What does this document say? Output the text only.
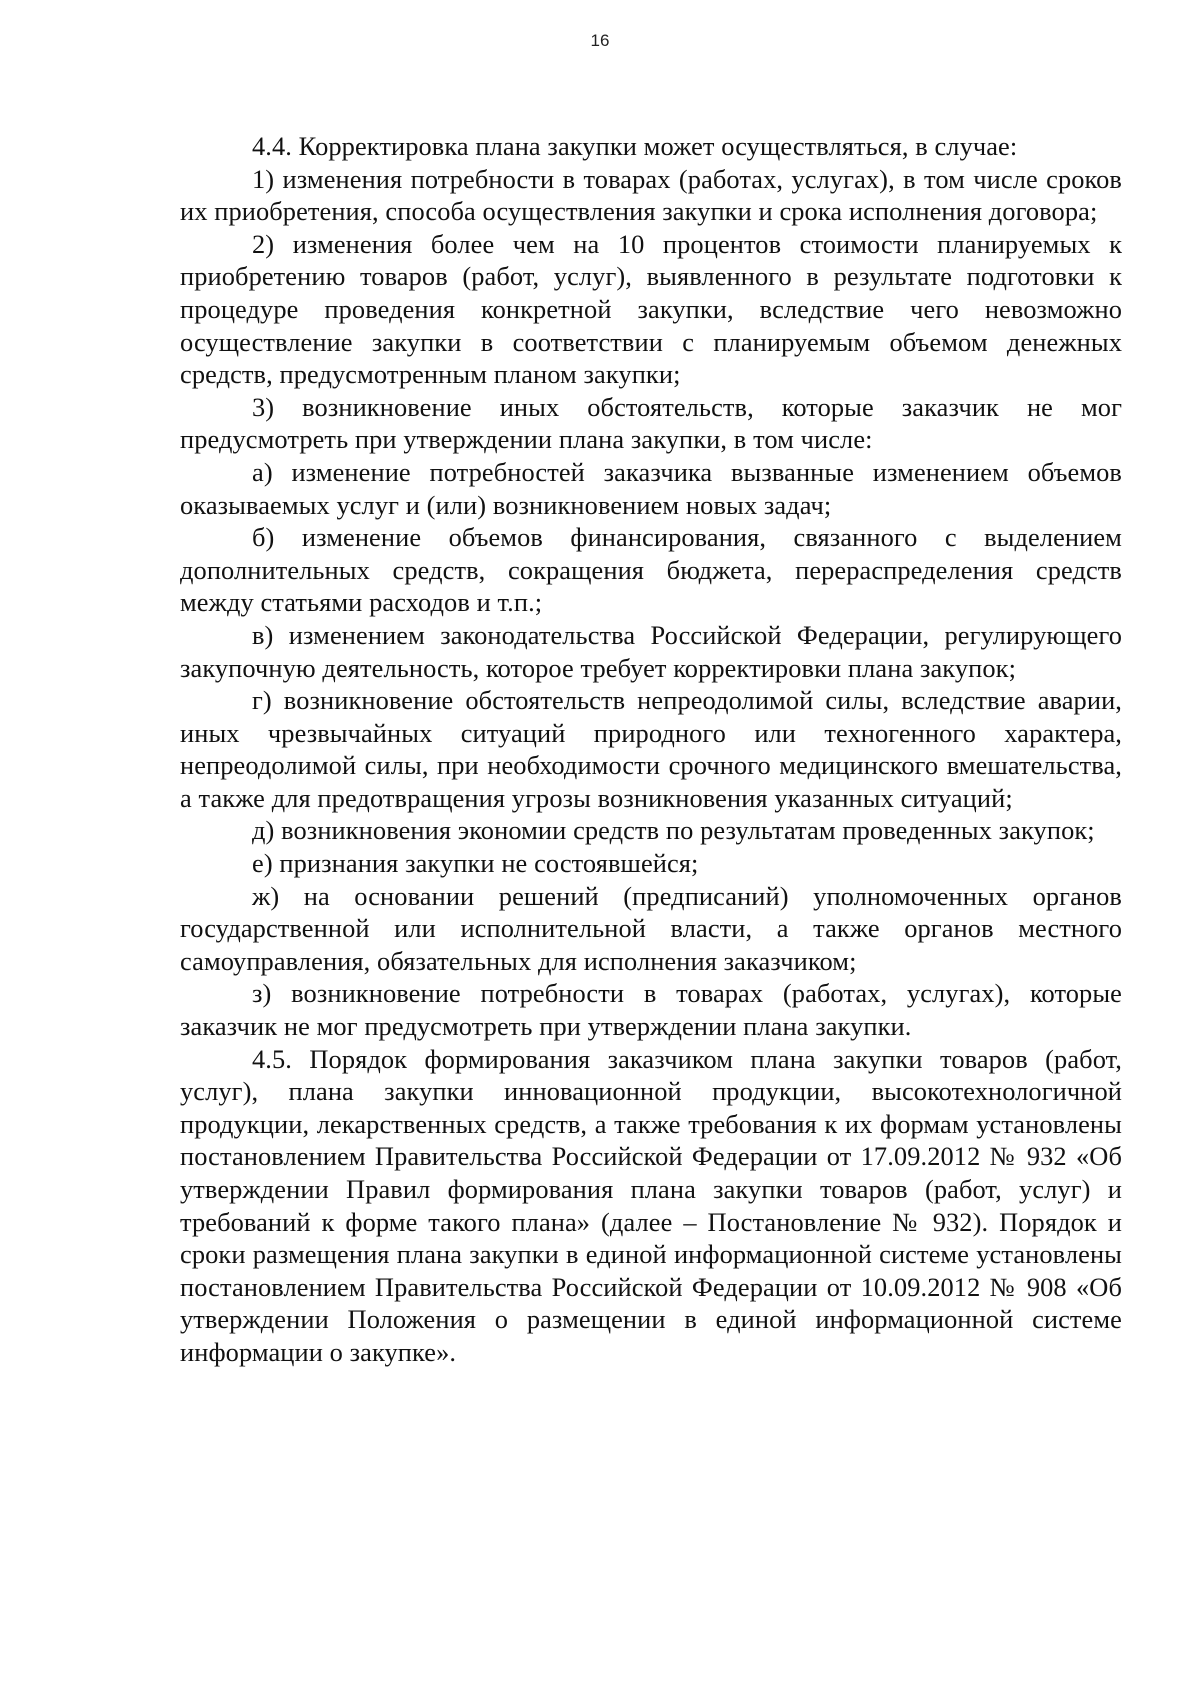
16

4.4. Корректировка плана закупки может осуществляться, в случае:

1) изменения потребности в товарах (работах, услугах), в том числе сроков их приобретения, способа осуществления закупки и срока исполнения договора;

2) изменения более чем на 10 процентов стоимости планируемых к приобретению товаров (работ, услуг), выявленного в результате подготовки к процедуре проведения конкретной закупки, вследствие чего невозможно осуществление закупки в соответствии с планируемым объемом денежных средств, предусмотренным планом закупки;

3) возникновение иных обстоятельств, которые заказчик не мог предусмотреть при утверждении плана закупки, в том числе:

а) изменение потребностей заказчика вызванные изменением объемов оказываемых услуг и (или) возникновением новых задач;

б) изменение объемов финансирования, связанного с выделением дополнительных средств, сокращения бюджета, перераспределения средств между статьями расходов и т.п.;

в) изменением законодательства Российской Федерации, регулирующего закупочную деятельность, которое требует корректировки плана закупок;

г) возникновение обстоятельств непреодолимой силы, вследствие аварии, иных чрезвычайных ситуаций природного или техногенного характера, непреодолимой силы, при необходимости срочного медицинского вмешательства, а также для предотвращения угрозы возникновения указанных ситуаций;

д) возникновения экономии средств по результатам проведенных закупок;

е) признания закупки не состоявшейся;

ж) на основании решений (предписаний) уполномоченных органов государственной или исполнительной власти, а также органов местного самоуправления, обязательных для исполнения заказчиком;

з) возникновение потребности в товарах (работах, услугах), которые заказчик не мог предусмотреть при утверждении плана закупки.

4.5. Порядок формирования заказчиком плана закупки товаров (работ, услуг), плана закупки инновационной продукции, высокотехнологичной продукции, лекарственных средств, а также требования к их формам установлены постановлением Правительства Российской Федерации от 17.09.2012 № 932 «Об утверждении Правил формирования плана закупки товаров (работ, услуг) и требований к форме такого плана» (далее – Постановление № 932). Порядок и сроки размещения плана закупки в единой информационной системе установлены постановлением Правительства Российской Федерации от 10.09.2012 № 908 «Об утверждении Положения о размещении в единой информационной системе информации о закупке».
